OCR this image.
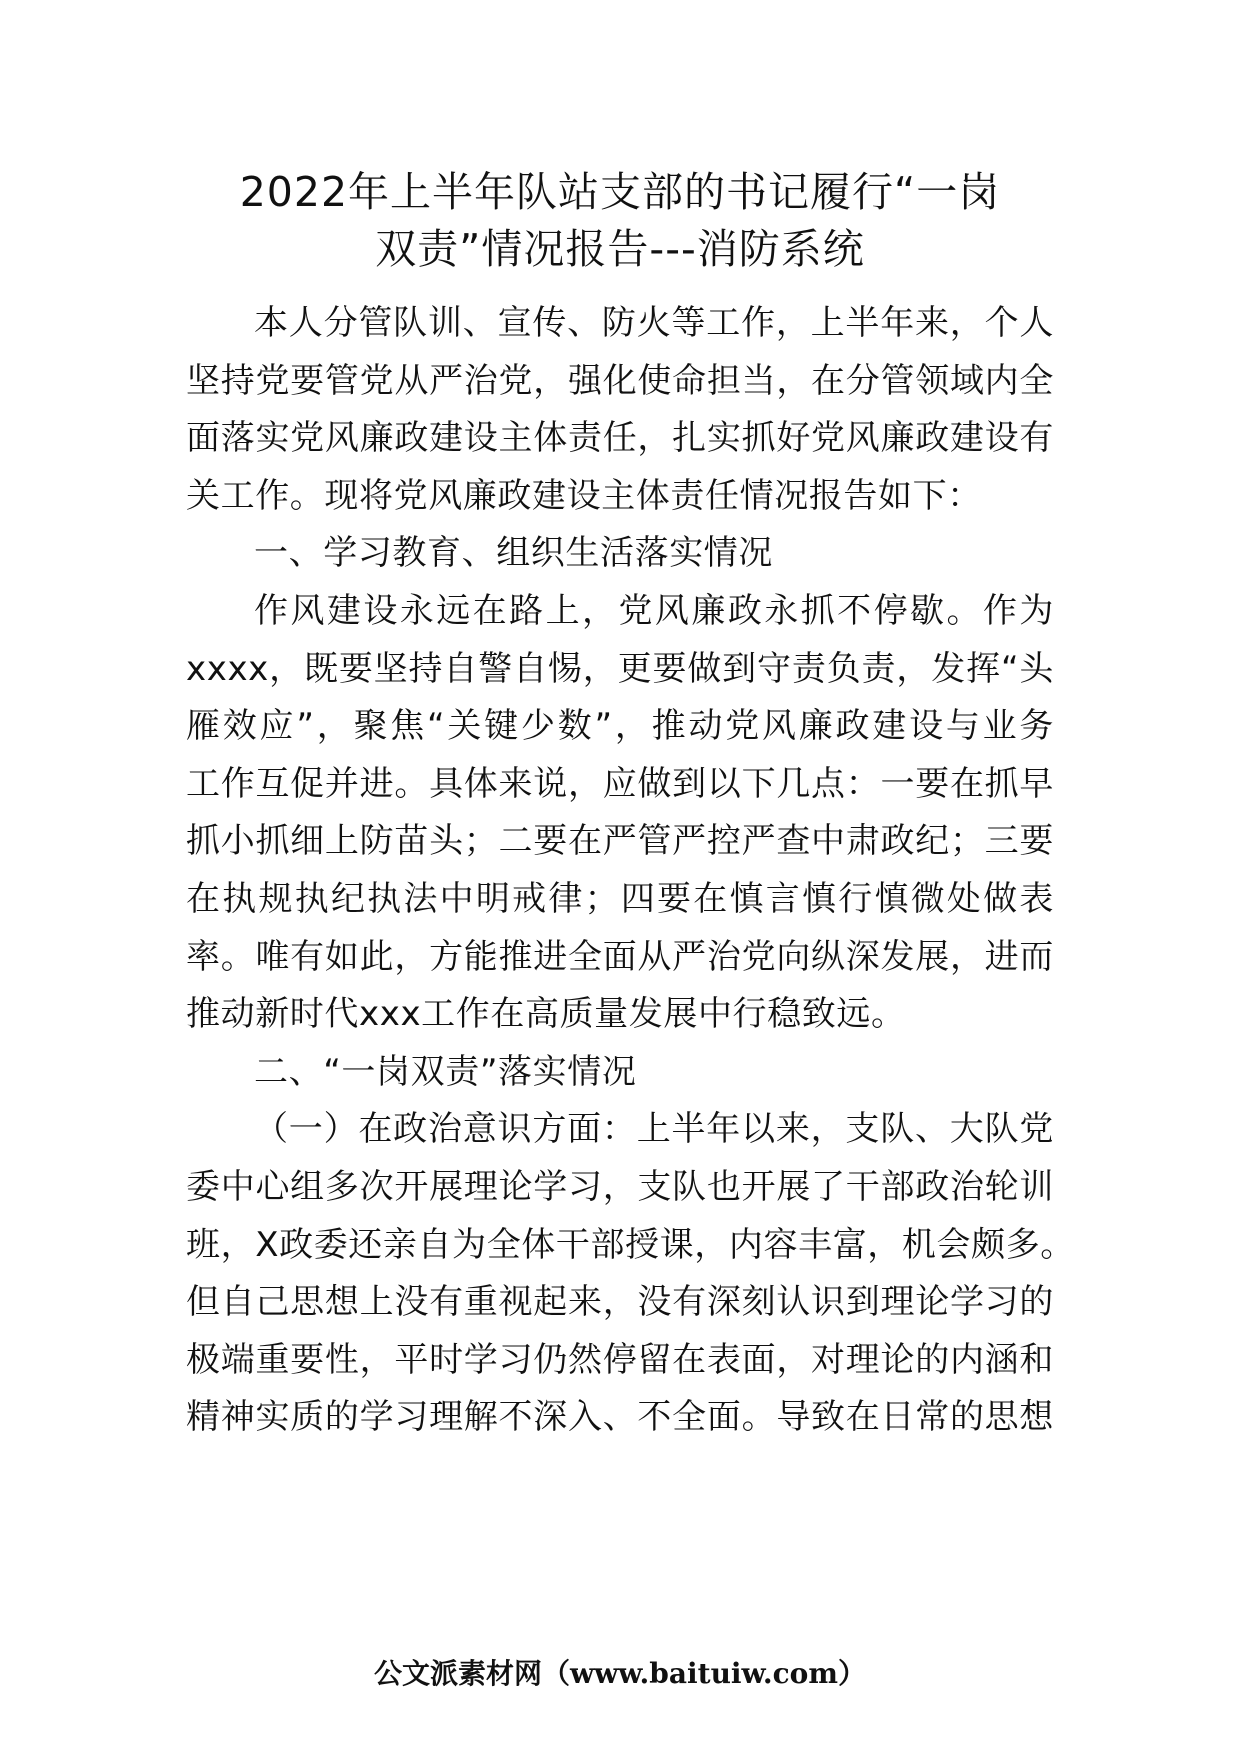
2022年上半年队站支部的书记履行“一岗
双责”情况报告---消防系统
本人分管队训、宣传、防火等工作，上半年来，个人
坚持党要管党从严治党，强化使命担当，在分管领域内全
面落实党风廉政建设主体责任，扎实抓好党风廉政建设有
关工作。现将党风廉政建设主体责任情况报告如下：
一、学习教育、组织生活落实情况
作风建设永远在路上，党风廉政永抓不停歇。作为
xxxx，既要坚持自警自惕，更要做到守责负责，发挥“头
雁效应”，聚焦“关键少数”，推动党风廉政建设与业务
工作互促并进。具体来说，应做到以下几点：一要在抓早
抓小抓细上防苗头；二要在严管严控严查中肃政纪；三要
在执规执纪执法中明戒律；四要在慎言慎行慎微处做表
率。唯有如此，方能推进全面从严治党向纵深发展，进而
推动新时代xxx工作在高质量发展中行稳致远。
二、“一岗双责”落实情况
（一）在政治意识方面：上半年以来，支队、大队党
委中心组多次开展理论学习，支队也开展了干部政治轮训
班，X政委还亲自为全体干部授课，内容丰富，机会颇多。
但自己思想上没有重视起来，没有深刻认识到理论学习的
极端重要性，平时学习仍然停留在表面，对理论的内涵和
精神实质的学习理解不深入、不全面。导致在日常的思想
公文派素材网（www.baituiw.com）
